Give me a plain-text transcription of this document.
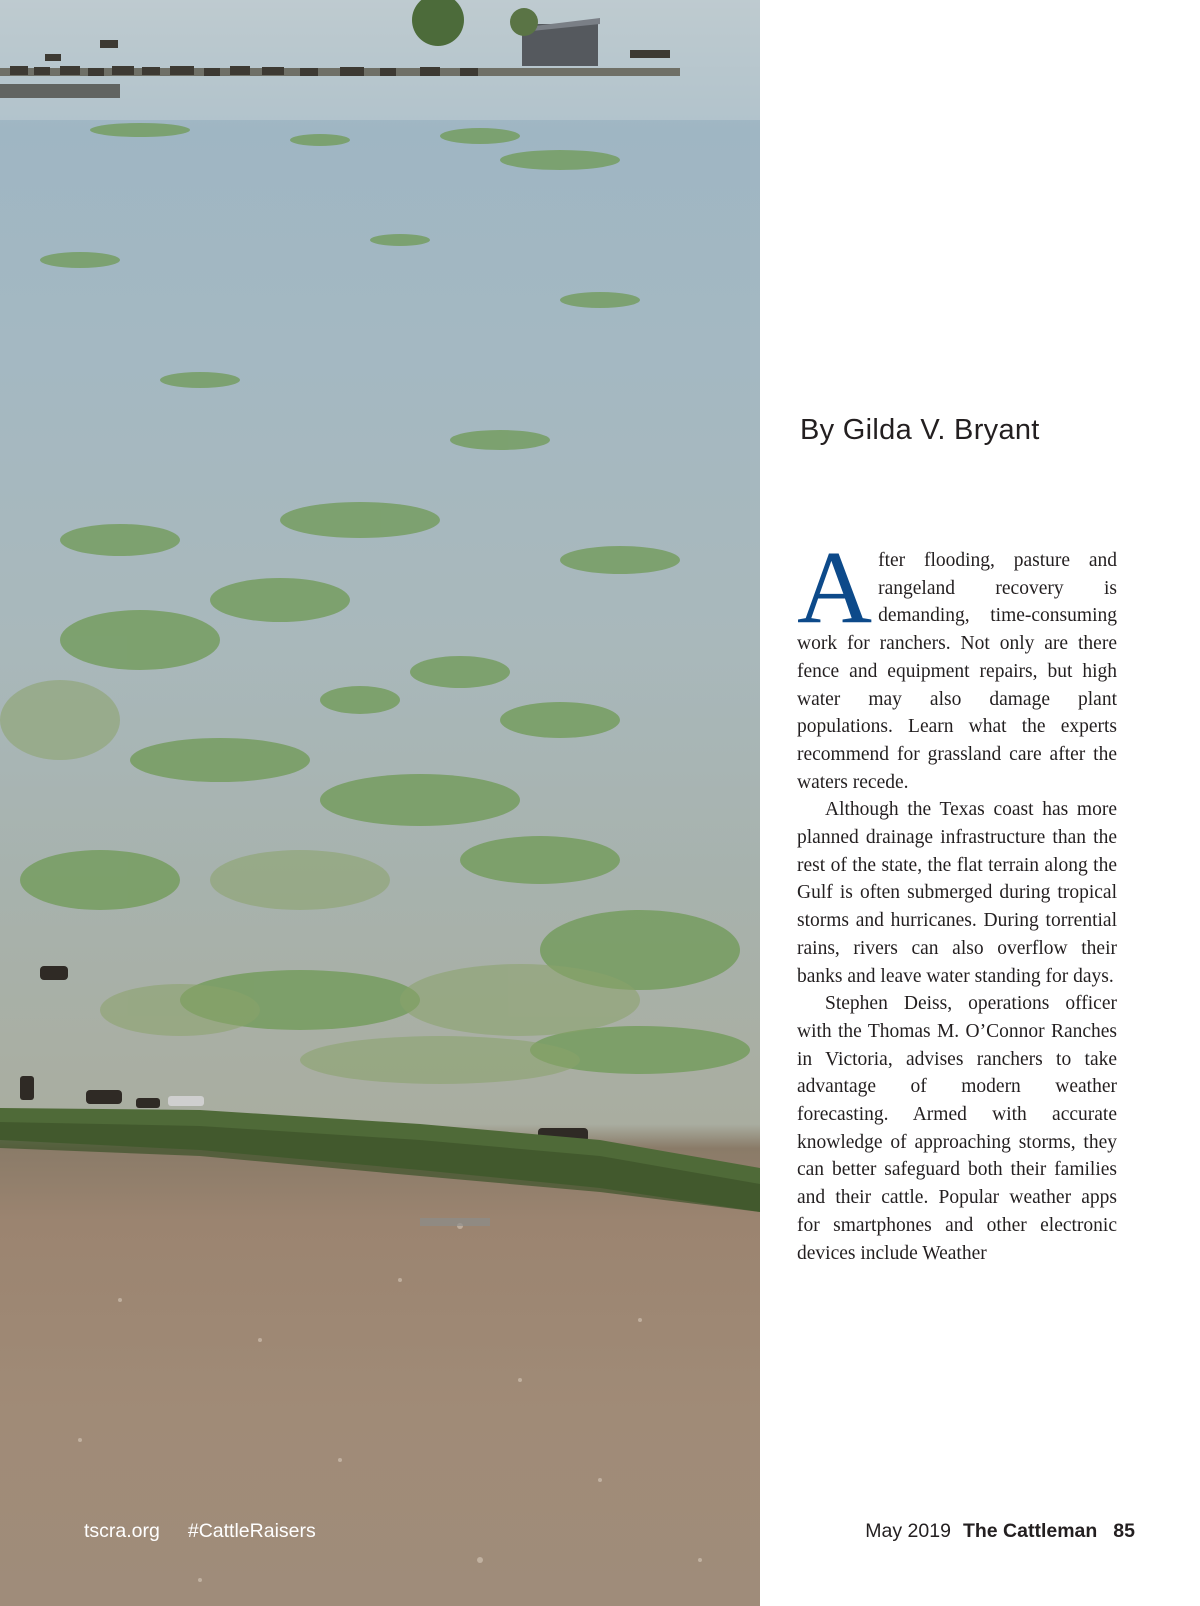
By Gilda V. Bryant

After flooding, pasture and rangeland recovery is demanding, time-consuming work for ranchers. Not only are there fence and equipment repairs, but high water may also damage plant populations. Learn what the experts recommend for grassland care after the waters recede.

Although the Texas coast has more planned drainage infrastructure than the rest of the state, the flat terrain along the Gulf is often submerged during tropical storms and hurricanes. During torrential rains, rivers can also overflow their banks and leave water standing for days.

Stephen Deiss, operations officer with the Thomas M. O’Connor Ranches in Victoria, advises ranchers to take advantage of modern weather forecasting. Armed with accurate knowledge of approaching storms, they can better safeguard both their families and their cattle. Popular weather apps for smartphones and other electronic devices include Weather

tscra.org #CattleRaisers	May 2019 The Cattleman 85
